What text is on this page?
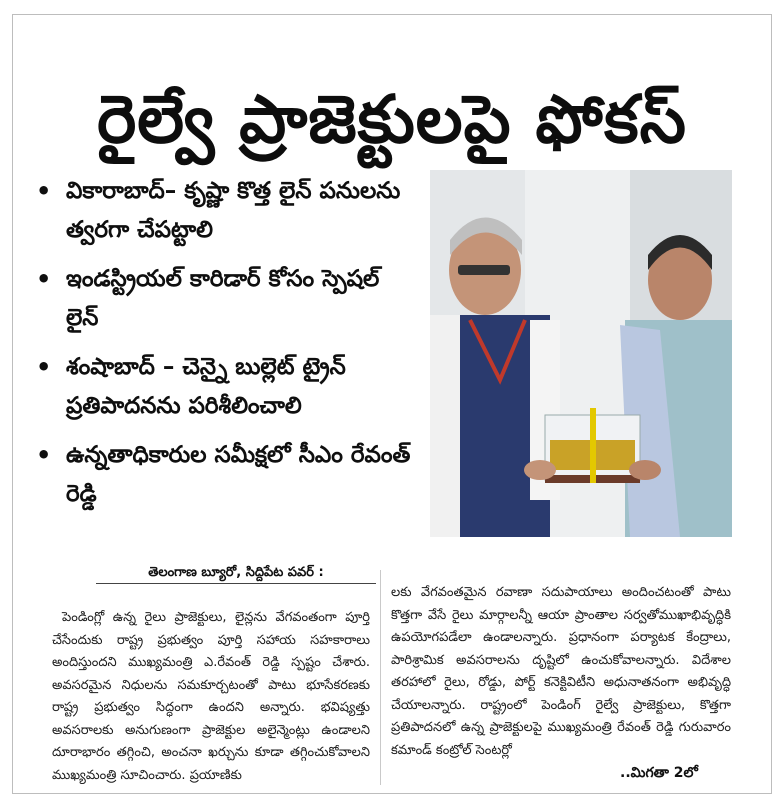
రైల్వే ప్రాజెక్టులపై ఫోకస్
• వికారాబాద్– కృష్ణా కొత్త లైన్ పనులను త్వరగా చేపట్టాలి
• ఇండస్ట్రియల్ కారిడార్ కోసం స్పెషల్ లైన్
• శంషాబాద్ – చెన్నై బుల్లెట్ ట్రైన్ ప్రతిపాదనను పరిశీలించాలి
• ఉన్నతాధికారుల సమీక్షలో సీఎం రేవంత్ రెడ్డి
తెలంగాణ బ్యూరో, సిద్దిపేట పవర్ :

పెండింగ్లో ఉన్న రైలు ప్రాజెక్టులు, లైన్లను వేగవంతంగా పూర్తి చేసేందుకు రాష్ట్ర ప్రభుత్వం పూర్తి సహాయ సహకారాలు అందిస్తుందని ముఖ్యమంత్రి ఎ.రేవంత్ రెడ్డి స్పష్టం చేశారు. అవసరమైన నిధులను సమకూర్చటంతో పాటు భూసేకరణకు రాష్ట్ర ప్రభుత్వం సిద్ధంగా ఉందని అన్నారు. భవిష్యత్తు అవసరాలకు అనుగుణంగా ప్రాజెక్టుల అలైన్మెంట్లు ఉండాలని దూరాభారం తగ్గించి, అంచనా ఖర్చును కూడా తగ్గించుకోవాలని ముఖ్యమంత్రి సూచించారు. ప్రయాణికు

లకు వేగవంతమైన రవాణా సదుపాయాలు అందించటంతో పాటు కొత్తగా వేసే రైలు మార్గాలన్నీ ఆయా ప్రాంతాల సర్వతోముఖాభివృద్ధికి ఉపయోగపడేలా ఉండాలన్నారు. ప్రధానంగా పర్యాటక కేంద్రాలు, పారిశ్రామిక అవసరాలను దృష్టిలో ఉంచుకోవాలన్నారు. విదేశాల తరహాలో రైలు, రోడ్డు, పోర్ట్ కనెక్టివిటీని అధునాతనంగా అభివృద్ధి చేయాలన్నారు. రాష్ట్రంలో పెండింగ్ రైల్వే ప్రాజెక్టులు, కొత్తగా ప్రతిపాదనలో ఉన్న ప్రాజెక్టులపై ముఖ్యమంత్రి రేవంత్ రెడ్డి గురువారం కమాండ్ కంట్రోల్ సెంటర్లో

..మిగతా 2లో
